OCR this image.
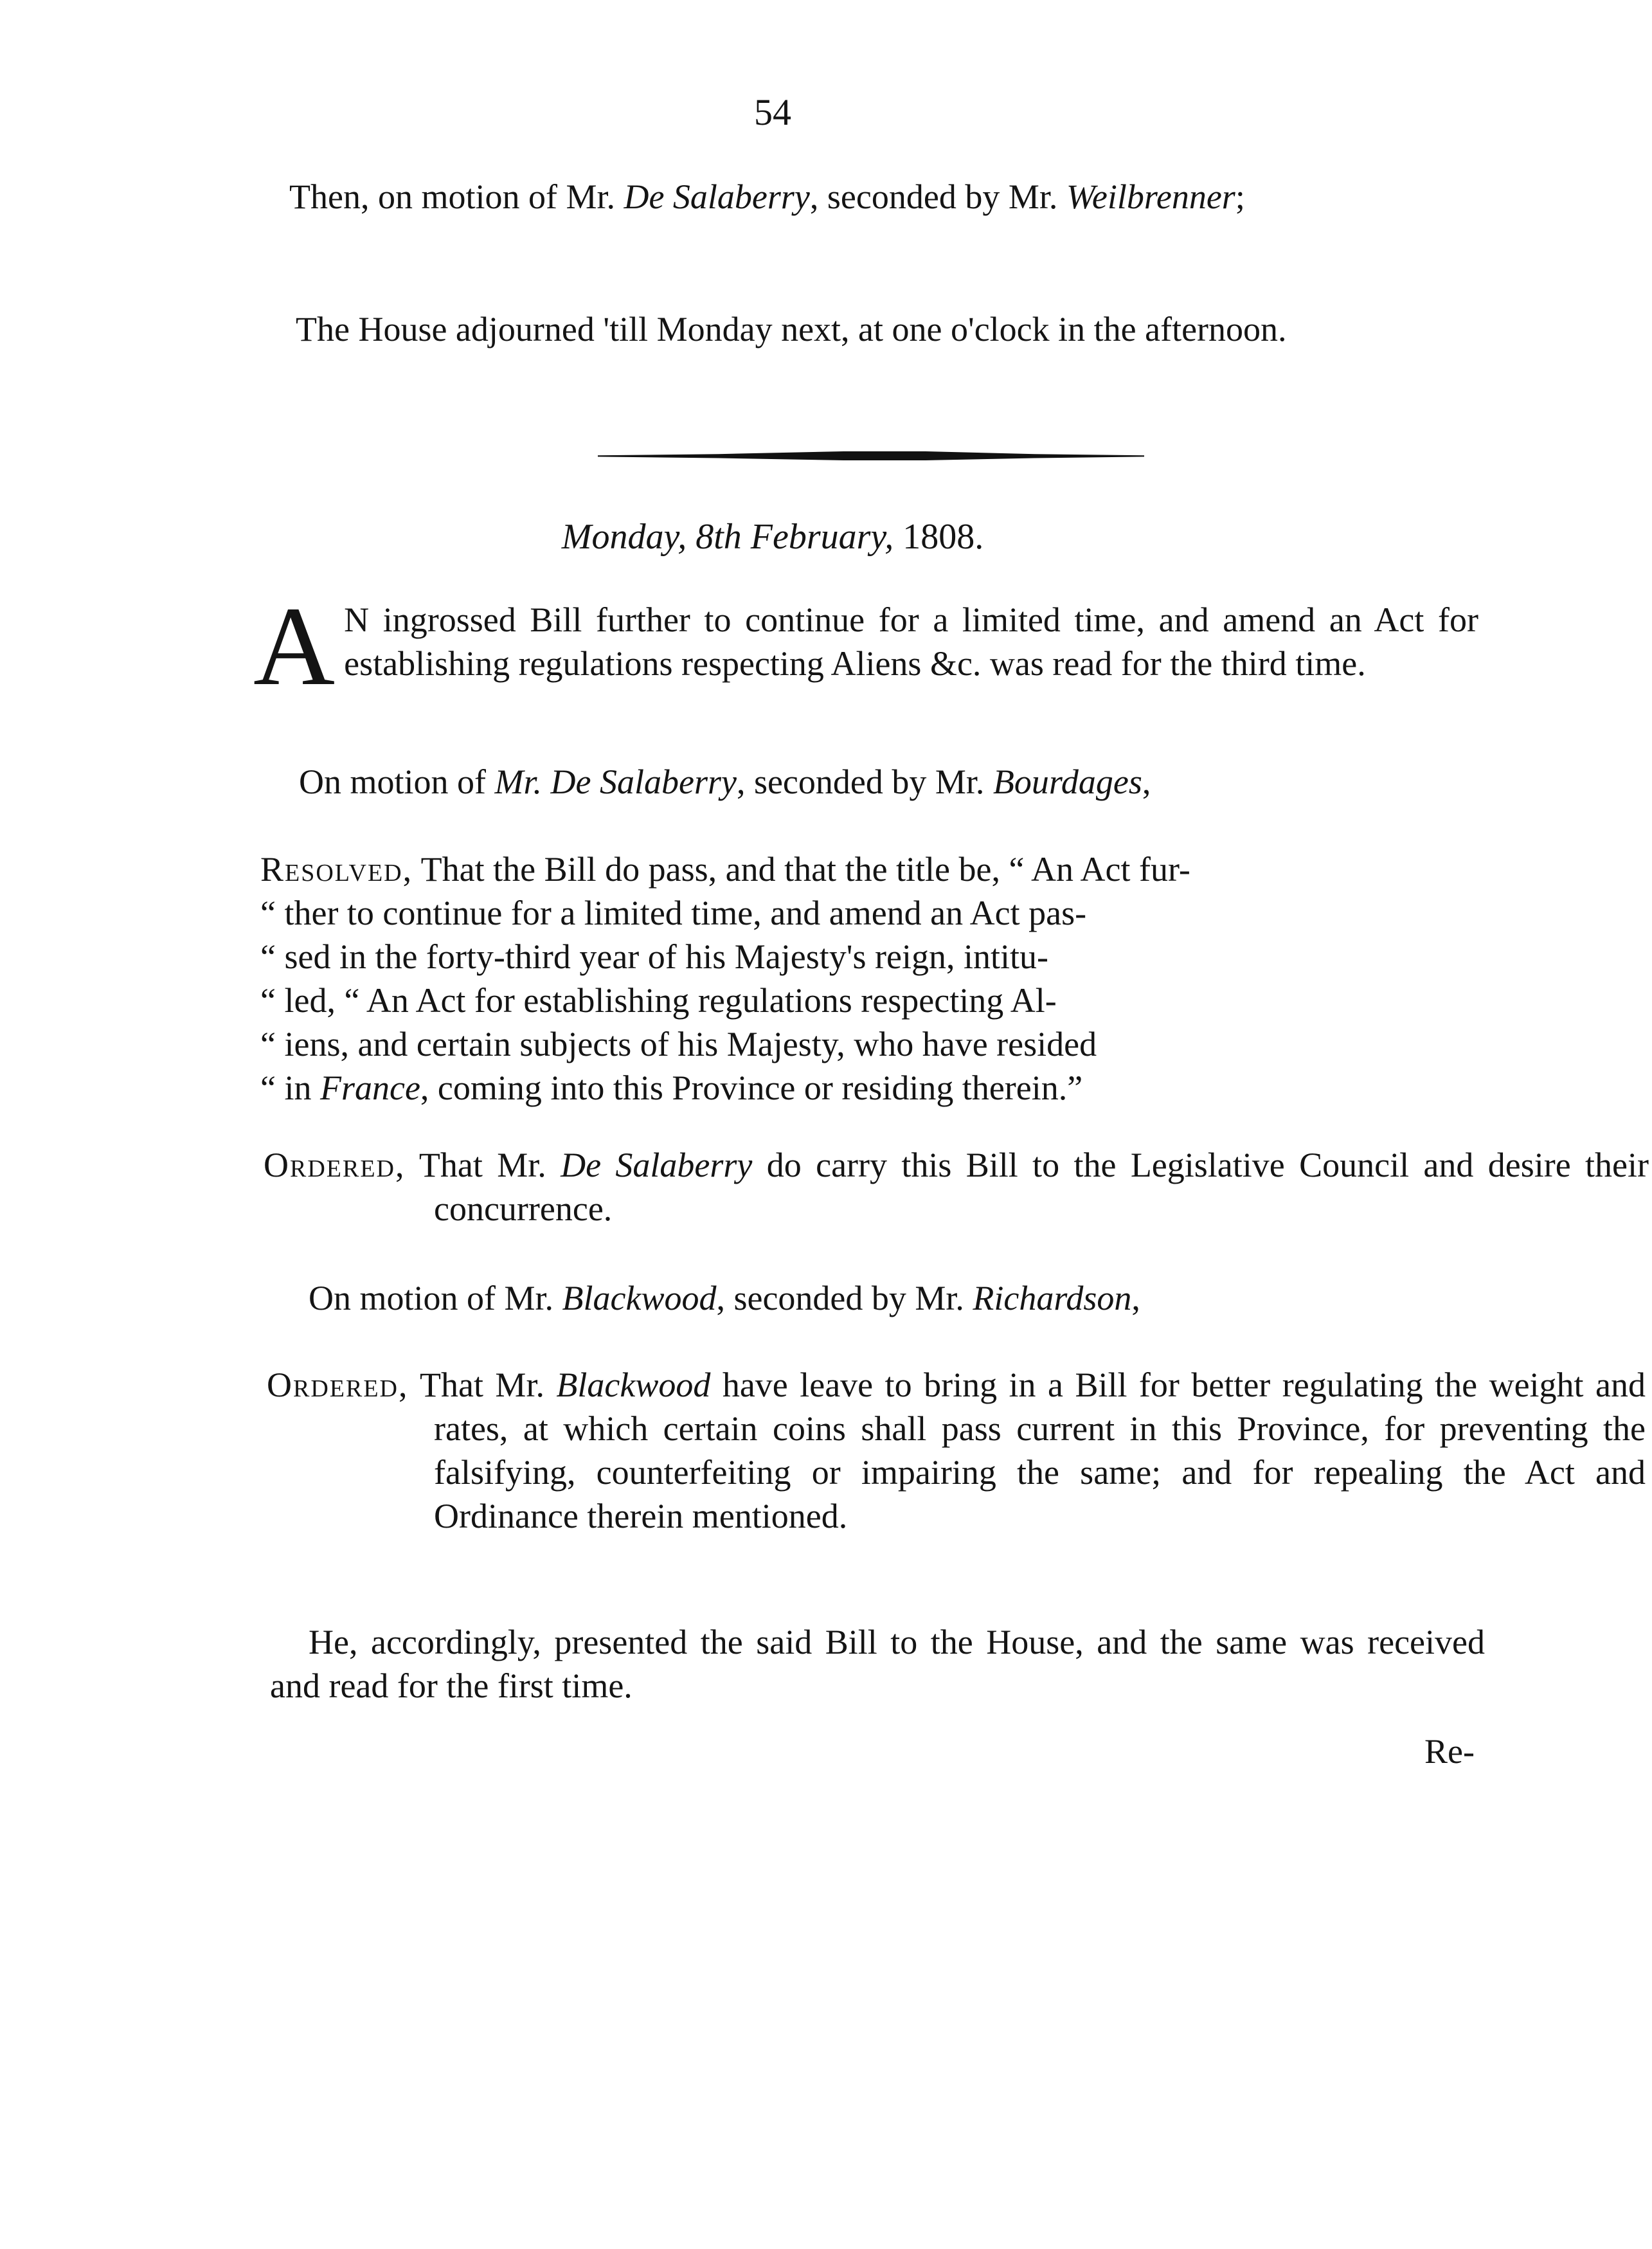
54
Then, on motion of Mr. De Salaberry, seconded by Mr. Weilbrenner;
The House adjourned 'till Monday next, at one o'clock in the afternoon.
Monday, 8th February, 1808.
A N ingrossed Bill further to continue for a limited time, and amend an Act for establishing regulations respecting Aliens &c. was read for the third time.
On motion of Mr. De Salaberry, seconded by Mr. Bourdages,
Resolved, That the Bill do pass, and that the title be, “ An Act fur-
“ ther to continue for a limited time, and amend an Act pas-
“ sed in the forty-third year of his Majesty's reign, intitu-
“ led, “ An Act for establishing regulations respecting Al-
“ iens, and certain subjects of his Majesty, who have resided
“ in France, coming into this Province or residing therein.”
Ordered, That Mr. De Salaberry do carry this Bill to the Legislative Council and desire their concurrence.
On motion of Mr. Blackwood, seconded by Mr. Richardson,
Ordered, That Mr. Blackwood have leave to bring in a Bill for better regulating the weight and rates, at which certain coins shall pass current in this Province, for preventing the falsifying, counterfeiting or impairing the same; and for repealing the Act and Ordinance therein mentioned.
He, accordingly, presented the said Bill to the House, and the same was received and read for the first time.
Re-
